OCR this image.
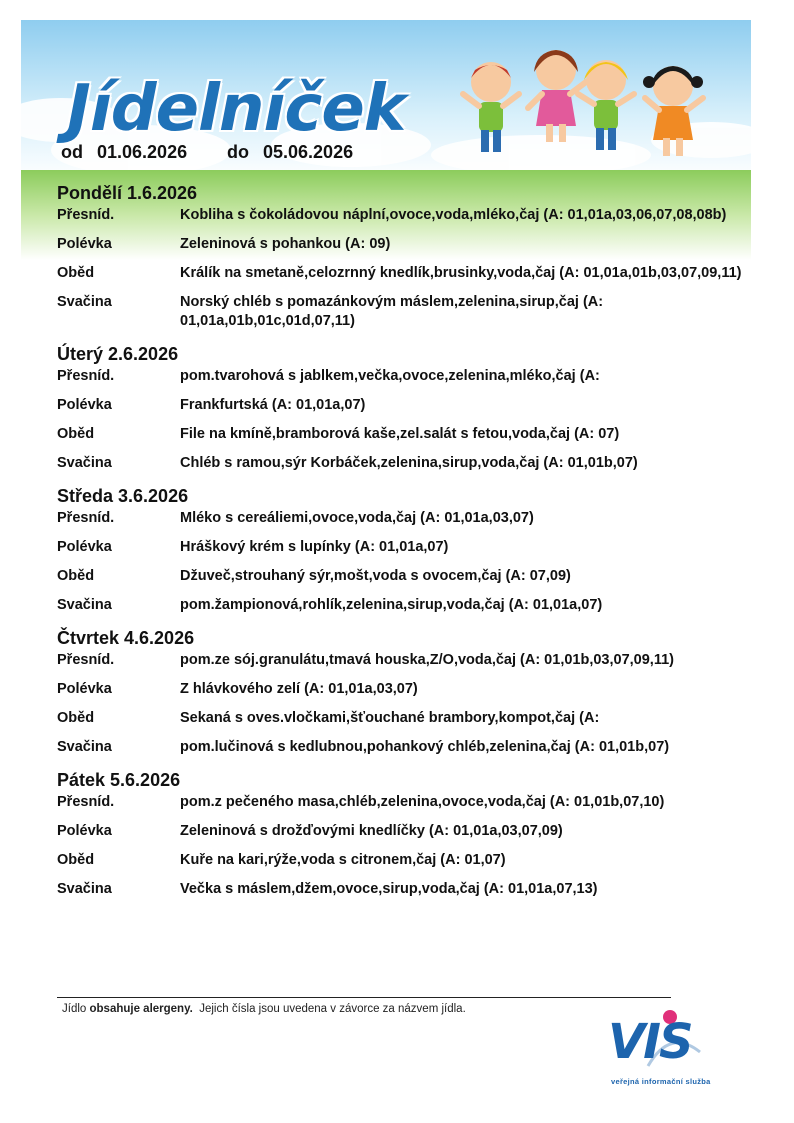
Jídelníček
od 01.06.2026 do 05.06.2026
Pondělí 1.6.2026
Přesníd.	Kobliha s čokoládovou náplní,ovoce,voda,mléko,čaj (A: 01,01a,03,06,07,08,08b)
Polévka	Zeleninová s pohankou (A: 09)
Oběd	Králík na smetaně,celozrnný knedlík,brusinky,voda,čaj (A: 01,01a,01b,03,07,09,11)
Svačina	Norský chléb s pomazánkovým máslem,zelenina,sirup,čaj (A: 01,01a,01b,01c,01d,07,11)
Úterý 2.6.2026
Přesníd.	pom.tvarohová s jablkem,večka,ovoce,zelenina,mléko,čaj (A:
Polévka	Frankfurtská (A: 01,01a,07)
Oběd	File na kmíně,bramborová kaše,zel.salát s fetou,voda,čaj (A: 07)
Svačina	Chléb s ramou,sýr Korbáček,zelenina,sirup,voda,čaj (A: 01,01b,07)
Středa 3.6.2026
Přesníd.	Mléko s cereáliemi,ovoce,voda,čaj (A: 01,01a,03,07)
Polévka	Hráškový krém s lupínky (A: 01,01a,07)
Oběd	Džuveč,strouhaný sýr,mošt,voda s ovocem,čaj (A: 07,09)
Svačina	pom.žampionová,rohlík,zelenina,sirup,voda,čaj (A: 01,01a,07)
Čtvrtek 4.6.2026
Přesníd.	pom.ze sój.granulátu,tmavá houska,Z/O,voda,čaj (A: 01,01b,03,07,09,11)
Polévka	Z hlávkového zelí (A: 01,01a,03,07)
Oběd	Sekaná s oves.vločkami,šťouchané brambory,kompot,čaj (A:
Svačina	pom.lučinová s kedlubnou,pohankový chléb,zelenina,čaj (A: 01,01b,07)
Pátek 5.6.2026
Přesníd.	pom.z pečeného masa,chléb,zelenina,ovoce,voda,čaj (A: 01,01b,07,10)
Polévka	Zeleninová s drožďovými knedlíčky (A: 01,01a,03,07,09)
Oběd	Kuře na kari,rýže,voda s citronem,čaj (A: 01,07)
Svačina	Večka s máslem,džem,ovoce,sirup,voda,čaj (A: 01,01a,07,13)
Jídlo obsahuje alergeny. Jejich čísla jsou uvedena v závorce za názvem jídla.
VIS
veřejná informační služba
